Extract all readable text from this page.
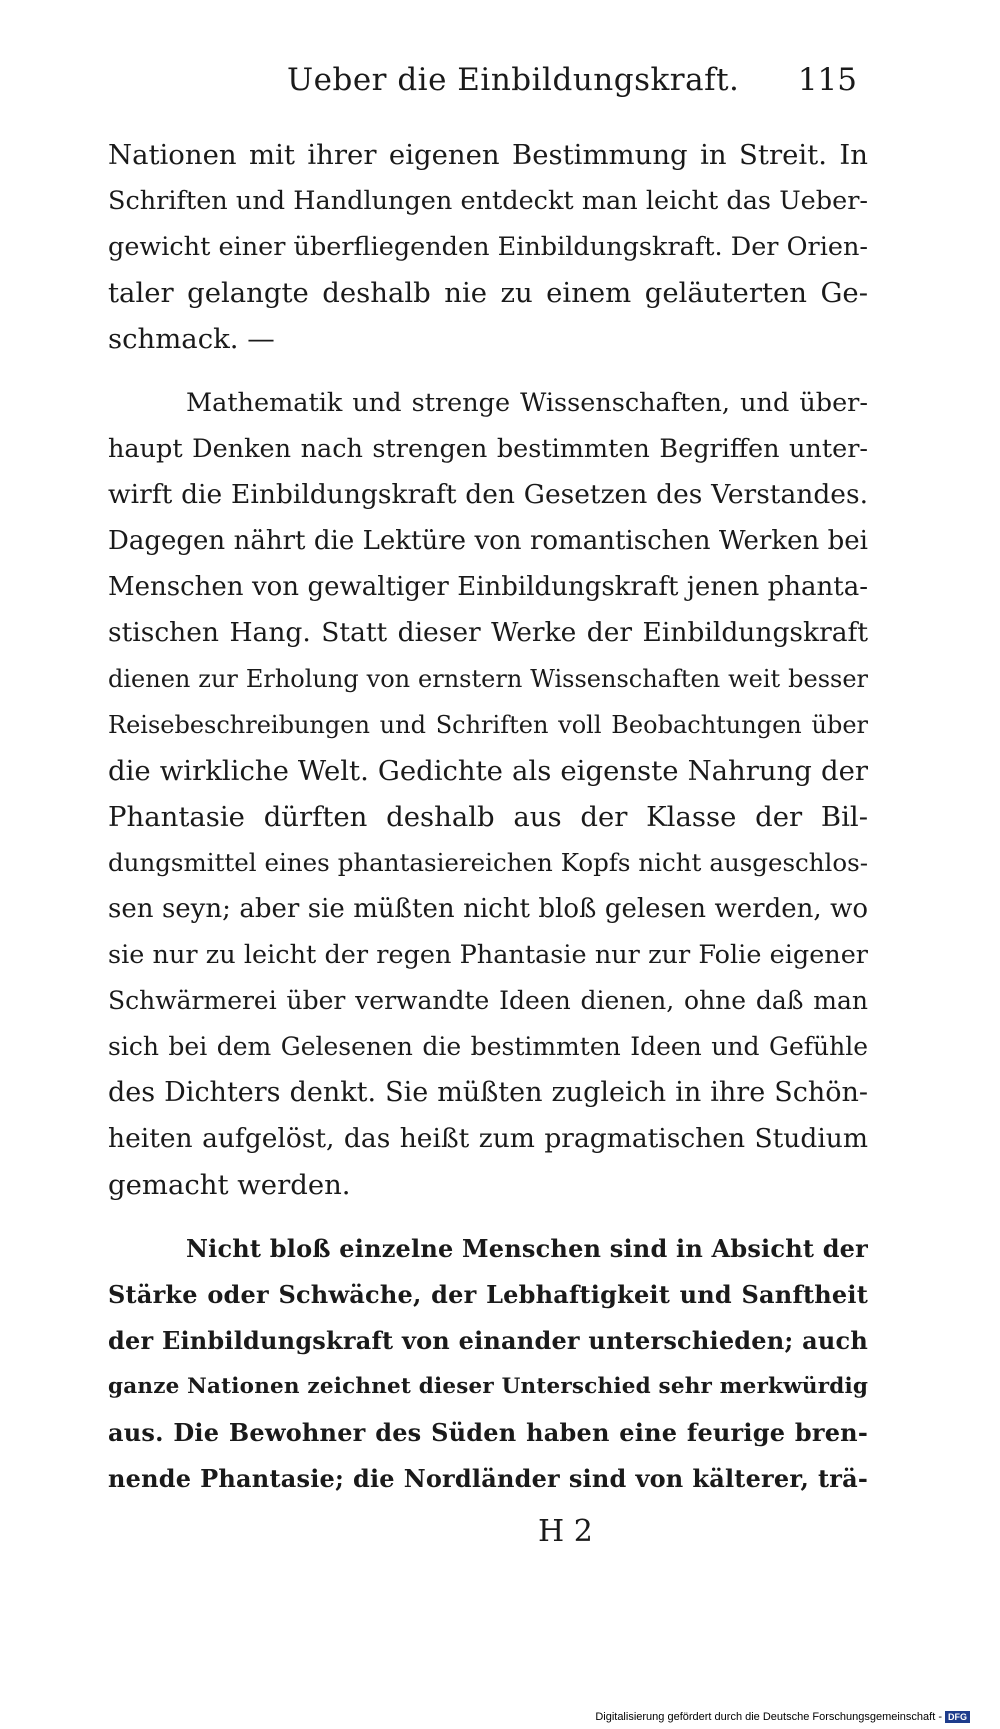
Ueber die Einbildungskraft. 115
Nationen mit ihrer eigenen Bestimmung in Streit. In
Schriften und Handlungen entdeckt man leicht das Ueber-
gewicht einer überfliegenden Einbildungskraft. Der Orien-
taler gelangte deshalb nie zu einem geläuterten Ge-
schmack. —
Mathematik und strenge Wissenschaften, und über-
haupt Denken nach strengen bestimmten Begriffen unter-
wirft die Einbildungskraft den Gesetzen des Verstandes.
Dagegen nährt die Lektüre von romantischen Werken bei
Menschen von gewaltiger Einbildungskraft jenen phanta-
stischen Hang. Statt dieser Werke der Einbildungskraft
dienen zur Erholung von ernstern Wissenschaften weit besser
Reisebeschreibungen und Schriften voll Beobachtungen über
die wirkliche Welt. Gedichte als eigenste Nahrung der
Phantasie dürften deshalb aus der Klasse der Bil-
dungsmittel eines phantasiereichen Kopfs nicht ausgeschlos-
sen seyn; aber sie müßten nicht bloß gelesen werden, wo
sie nur zu leicht der regen Phantasie nur zur Folie eigener
Schwärmerei über verwandte Ideen dienen, ohne daß man
sich bei dem Gelesenen die bestimmten Ideen und Gefühle
des Dichters denkt. Sie müßten zugleich in ihre Schön-
heiten aufgelöst, das heißt zum pragmatischen Studium
gemacht werden.
Nicht bloß einzelne Menschen sind in Absicht der
Stärke oder Schwäche, der Lebhaftigkeit und Sanftheit
der Einbildungskraft von einander unterschieden; auch
ganze Nationen zeichnet dieser Unterschied sehr merkwürdig
aus. Die Bewohner des Süden haben eine feurige bren-
nende Phantasie; die Nordländer sind von kälterer, trä-
H 2
Digitalisierung gefördert durch die Deutsche Forschungsgemeinschaft - DFG
